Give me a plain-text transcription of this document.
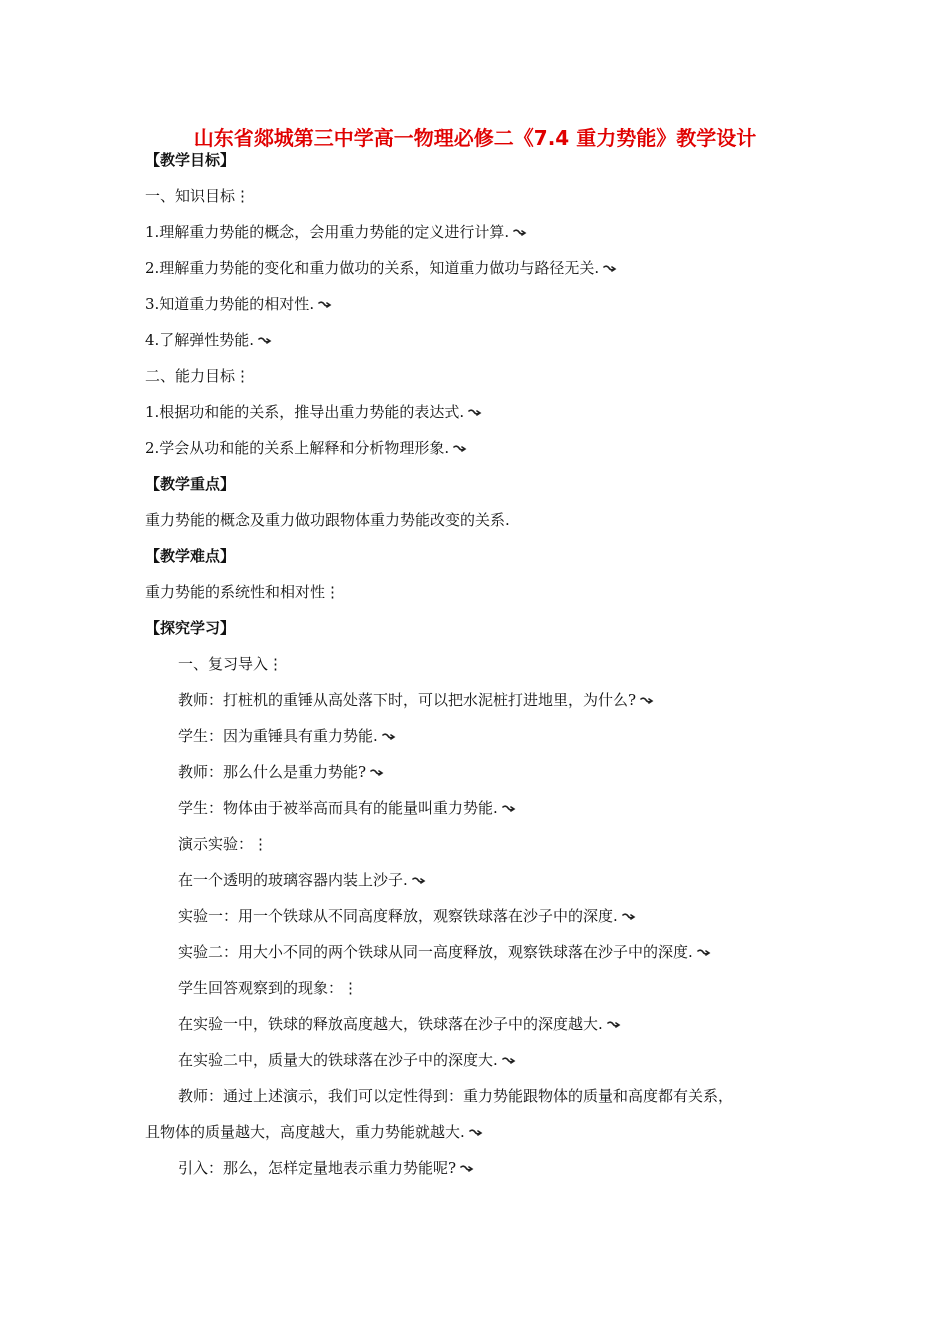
山东省郯城第三中学高一物理必修二《7.4 重力势能》教学设计
【教学目标】
一、知识目标⋮
1.理解重力势能的概念，会用重力势能的定义进行计算.
2.理解重力势能的变化和重力做功的关系，知道重力做功与路径无关.
3.知道重力势能的相对性.
4.了解弹性势能.
二、能力目标⋮
1.根据功和能的关系，推导出重力势能的表达式.
2.学会从功和能的关系上解释和分析物理形象.
【教学重点】
重力势能的概念及重力做功跟物体重力势能改变的关系.
【教学难点】
重力势能的系统性和相对性⋮
【探究学习】
一、复习导入⋮
教师：打桩机的重锤从高处落下时，可以把水泥桩打进地里，为什么?
学生：因为重锤具有重力势能.
教师：那么什么是重力势能?
学生：物体由于被举高而具有的能量叫重力势能.
演示实验：⋮
在一个透明的玻璃容器内装上沙子.
实验一：用一个铁球从不同高度释放，观察铁球落在沙子中的深度.
实验二：用大小不同的两个铁球从同一高度释放，观察铁球落在沙子中的深度.
学生回答观察到的现象：⋮
在实验一中，铁球的释放高度越大，铁球落在沙子中的深度越大.
在实验二中，质量大的铁球落在沙子中的深度大.
教师：通过上述演示，我们可以定性得到：重力势能跟物体的质量和高度都有关系，
且物体的质量越大，高度越大，重力势能就越大.
引入：那么，怎样定量地表示重力势能呢?
